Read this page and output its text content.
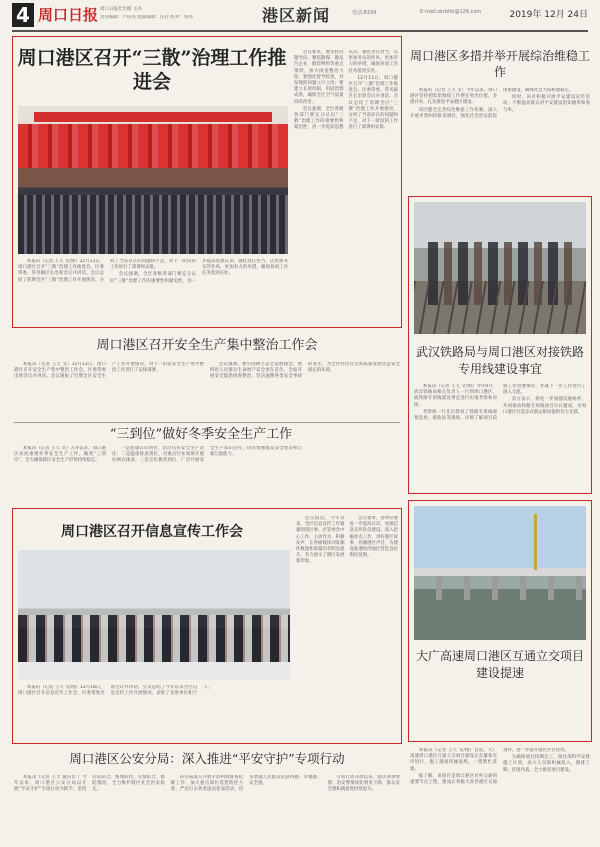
4 周口日报 周口日报社出版 主办
责任编辑：卢培英 版面编辑：汪岩 校对：郭伟	港区新闻	电话:8199	E-mail:zkrbhb@126.com	2019年 12月 24日
周口港区召开“三散”治理工作推进会

本报讯（记者 王天 文/图）12月13日，周口港区召开“三散”治理工作推进会。区委常委、常务副区长出席会议并讲话。会议总结了前期全区“三散”治理工作开展情况，分析了当前存在的问题和不足，对下一阶段的工作进行了部署和安排。

会议强调，全区各级各部门要充分认识“三散”治理工作的重要性和紧迫性，进一步提高思想认识，强化责任担当，以更加务实的作风、更加有力的举措，确保各项工作任务落到实处。

会议要求，要坚持问题导向，聚焦散煤、散乱污企业、散装物料等重点领域，加大排查整治力度；要强化督导检查，对发现的问题立行立改；要建立长效机制，巩固治理成果，确保全区空气质量持续改善。

会议强调，全区各级各部门要充分认识“三散”治理工作的重要性和紧迫性，进一步提高思想认识，强化责任担当，以更加务实的作风、更加有力的举措，确保各项工作任务落到实处。

12月13日，周口港区召开“三散”治理工作推进会。区委常委、常务副区长出席会议并讲话。会议总结了前期全区“三散”治理工作开展情况，分析了当前存在的问题和不足，对下一阶段的工作进行了部署和安排。

周口港区召开安全生产集中整治工作会

本报讯（记者 王天 文）12月13日，周口港区召开安全生产集中整治工作会，区委常委出席会议并讲话。会议通报了近期全区安全生产工作开展情况，对下一阶段安全生产集中整治工作进行了安排部署。

会议强调，要牢固树立安全发展理念，始终把人民群众生命财产安全放在首位，全面开展安全隐患排查整治，坚决遏制各类安全事故的发生，为全区经济社会高质量发展营造安全稳定的环境。

“三到位”做好冬季安全生产工作

本报讯（记者 王天 文）入冬以来，周口港区高度重视冬季安全生产工作，做到“三到位”，全力确保辖区安全生产形势持续稳定。

一是思想认识到位，层层压实安全生产责任；二是隐患排查到位，对重点行业领域开展拉网式排查；三是宣传教育到位，广泛开展安全生产知识宣传，切实增强群众安全意识和自救互救能力。

周口港区召开信息宣传工作会

本报讯（记者 王天 文/图）12月18日，周口港区召开信息宣传工作会，区委常委出席会议并讲话。会议总结了今年以来全区信息宣传工作开展情况，表彰了先进单位和个人。

会议指出，今年以来，全区信息宣传工作紧紧围绕区委、区管委会中心工作，主动作为，积极发声，在各级媒体刊发稿件数量和质量均有明显提升，有力展示了港区发展新形象。

会议要求，各单位要进一步提高认识，加强信息宣传队伍建设，深入挖掘亮点工作，讲好港区故事，传播港区声音，为建设临港经济强区营造良好舆论氛围。

周口港区公安分局：深入推进“平安守护”专项行动

本报讯（记者 王天 通讯员 ）今年以来，周口港区公安分局以开展“平安守护”专项行动为抓手，坚持打防结合、整体防控、专群结合、群防群治，全力维护辖区社会治安稳定。

该分局深入开展矛盾纠纷排查化解工作，加大重点部位巡逻防控力度，严厉打击各类违法犯罪活动，切实增强人民群众的获得感、幸福感、安全感。

专项行动开展以来，辖区刑事警情、治安警情同比明显下降，群众安全感和满意度持续提升。

周口港区多措并举开展综治维稳工作

本报讯（记者 王天 文）今年以来，周口港区坚持把综治维稳工作摆在突出位置，多措并举，扎实推进平安港区建设。

该区健全完善综治维稳工作机制，深入开展矛盾纠纷排查调处，强化社会治安防控体系建设，确保社会大局和谐稳定。

同时，该区积极开展平安建设宣传活动，不断提高群众对平安建设的知晓率和参与率。

武汉铁路局与周口港区对接铁路专用线建设事宜

本报讯（记者 王天 文/图）今年9月，武汉铁路局相关负责人一行到周口港区，就铁路专用线建设事宜进行实地考察和对接。

考察组一行先后察看了铁路专用线规划选址、接轨站等现场，详细了解项目前期工作进展情况，并就下一步工作进行了深入交流。

双方表示，将进一步加强沟通协作，共同推动铁路专用线项目早日建成，为周口港区打造多式联运枢纽提供有力支撑。

大广高速周口港区互通立交项目建设提速

本报讯（记者 王天 文/图）目前，大广高速周口港区互通立交项目建设正在紧张有序进行，施工现场机械轰鸣，一派繁忙景象。

据了解，该项目是周口港区对外交通的重要节点工程，建成后将极大改善港区交通条件，进一步提升港区区位优势。

为确保项目按期完工，项目部科学安排施工计划，加大人员和机械投入，倒排工期、挂图作战，全力推进项目建设。
